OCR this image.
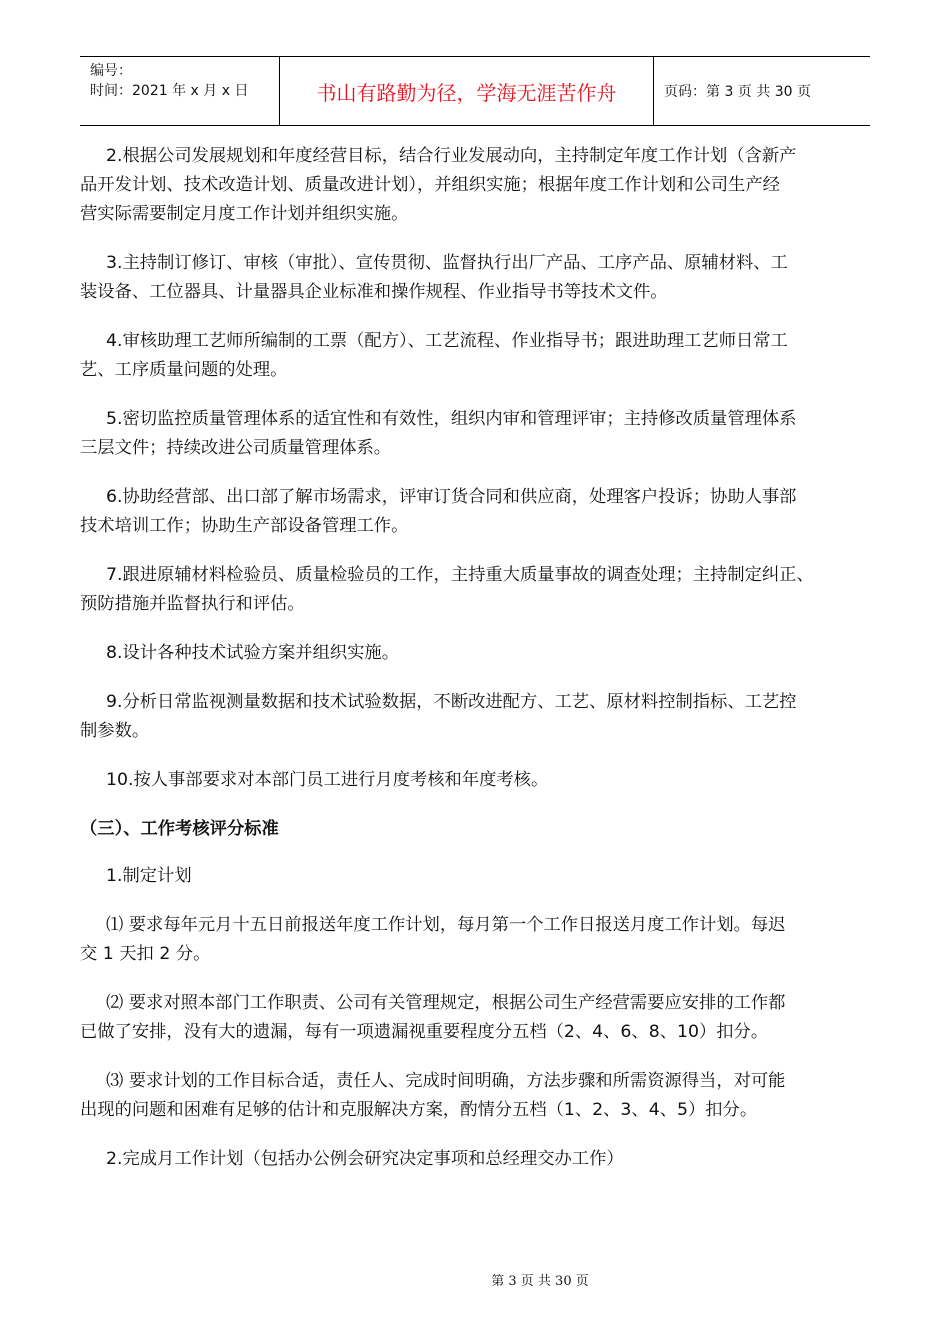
编号：
时间：2021 年 x 月 x 日	书山有路勤为径，学海无涯苦作舟	页码：第 3 页 共 30 页

2.根据公司发展规划和年度经营目标，结合行业发展动向，主持制定年度工作计划（含新产
品开发计划、技术改造计划、质量改进计划），并组织实施；根据年度工作计划和公司生产经
营实际需要制定月度工作计划并组织实施。

3.主持制订修订、审核（审批）、宣传贯彻、监督执行出厂产品、工序产品、原辅材料、工
装设备、工位器具、计量器具企业标准和操作规程、作业指导书等技术文件。

4.审核助理工艺师所编制的工票（配方）、工艺流程、作业指导书；跟进助理工艺师日常工
艺、工序质量问题的处理。

5.密切监控质量管理体系的适宜性和有效性，组织内审和管理评审；主持修改质量管理体系
三层文件；持续改进公司质量管理体系。

6.协助经营部、出口部了解市场需求，评审订货合同和供应商，处理客户投诉；协助人事部
技术培训工作；协助生产部设备管理工作。

7.跟进原辅材料检验员、质量检验员的工作，主持重大质量事故的调查处理；主持制定纠正、
预防措施并监督执行和评估。

8.设计各种技术试验方案并组织实施。

9.分析日常监视测量数据和技术试验数据，不断改进配方、工艺、原材料控制指标、工艺控
制参数。

10.按人事部要求对本部门员工进行月度考核和年度考核。

（三）、工作考核评分标准

1.制定计划

⑴ 要求每年元月十五日前报送年度工作计划，每月第一个工作日报送月度工作计划。每迟
交 1 天扣 2 分。

⑵ 要求对照本部门工作职责、公司有关管理规定，根据公司生产经营需要应安排的工作都
已做了安排，没有大的遗漏，每有一项遗漏视重要程度分五档（2、4、6、8、10）扣分。

⑶ 要求计划的工作目标合适，责任人、完成时间明确，方法步骤和所需资源得当，对可能
出现的问题和困难有足够的估计和克服解决方案，酌情分五档（1、2、3、4、5）扣分。

2.完成月工作计划（包括办公例会研究决定事项和总经理交办工作）

第 3 页 共 30 页
